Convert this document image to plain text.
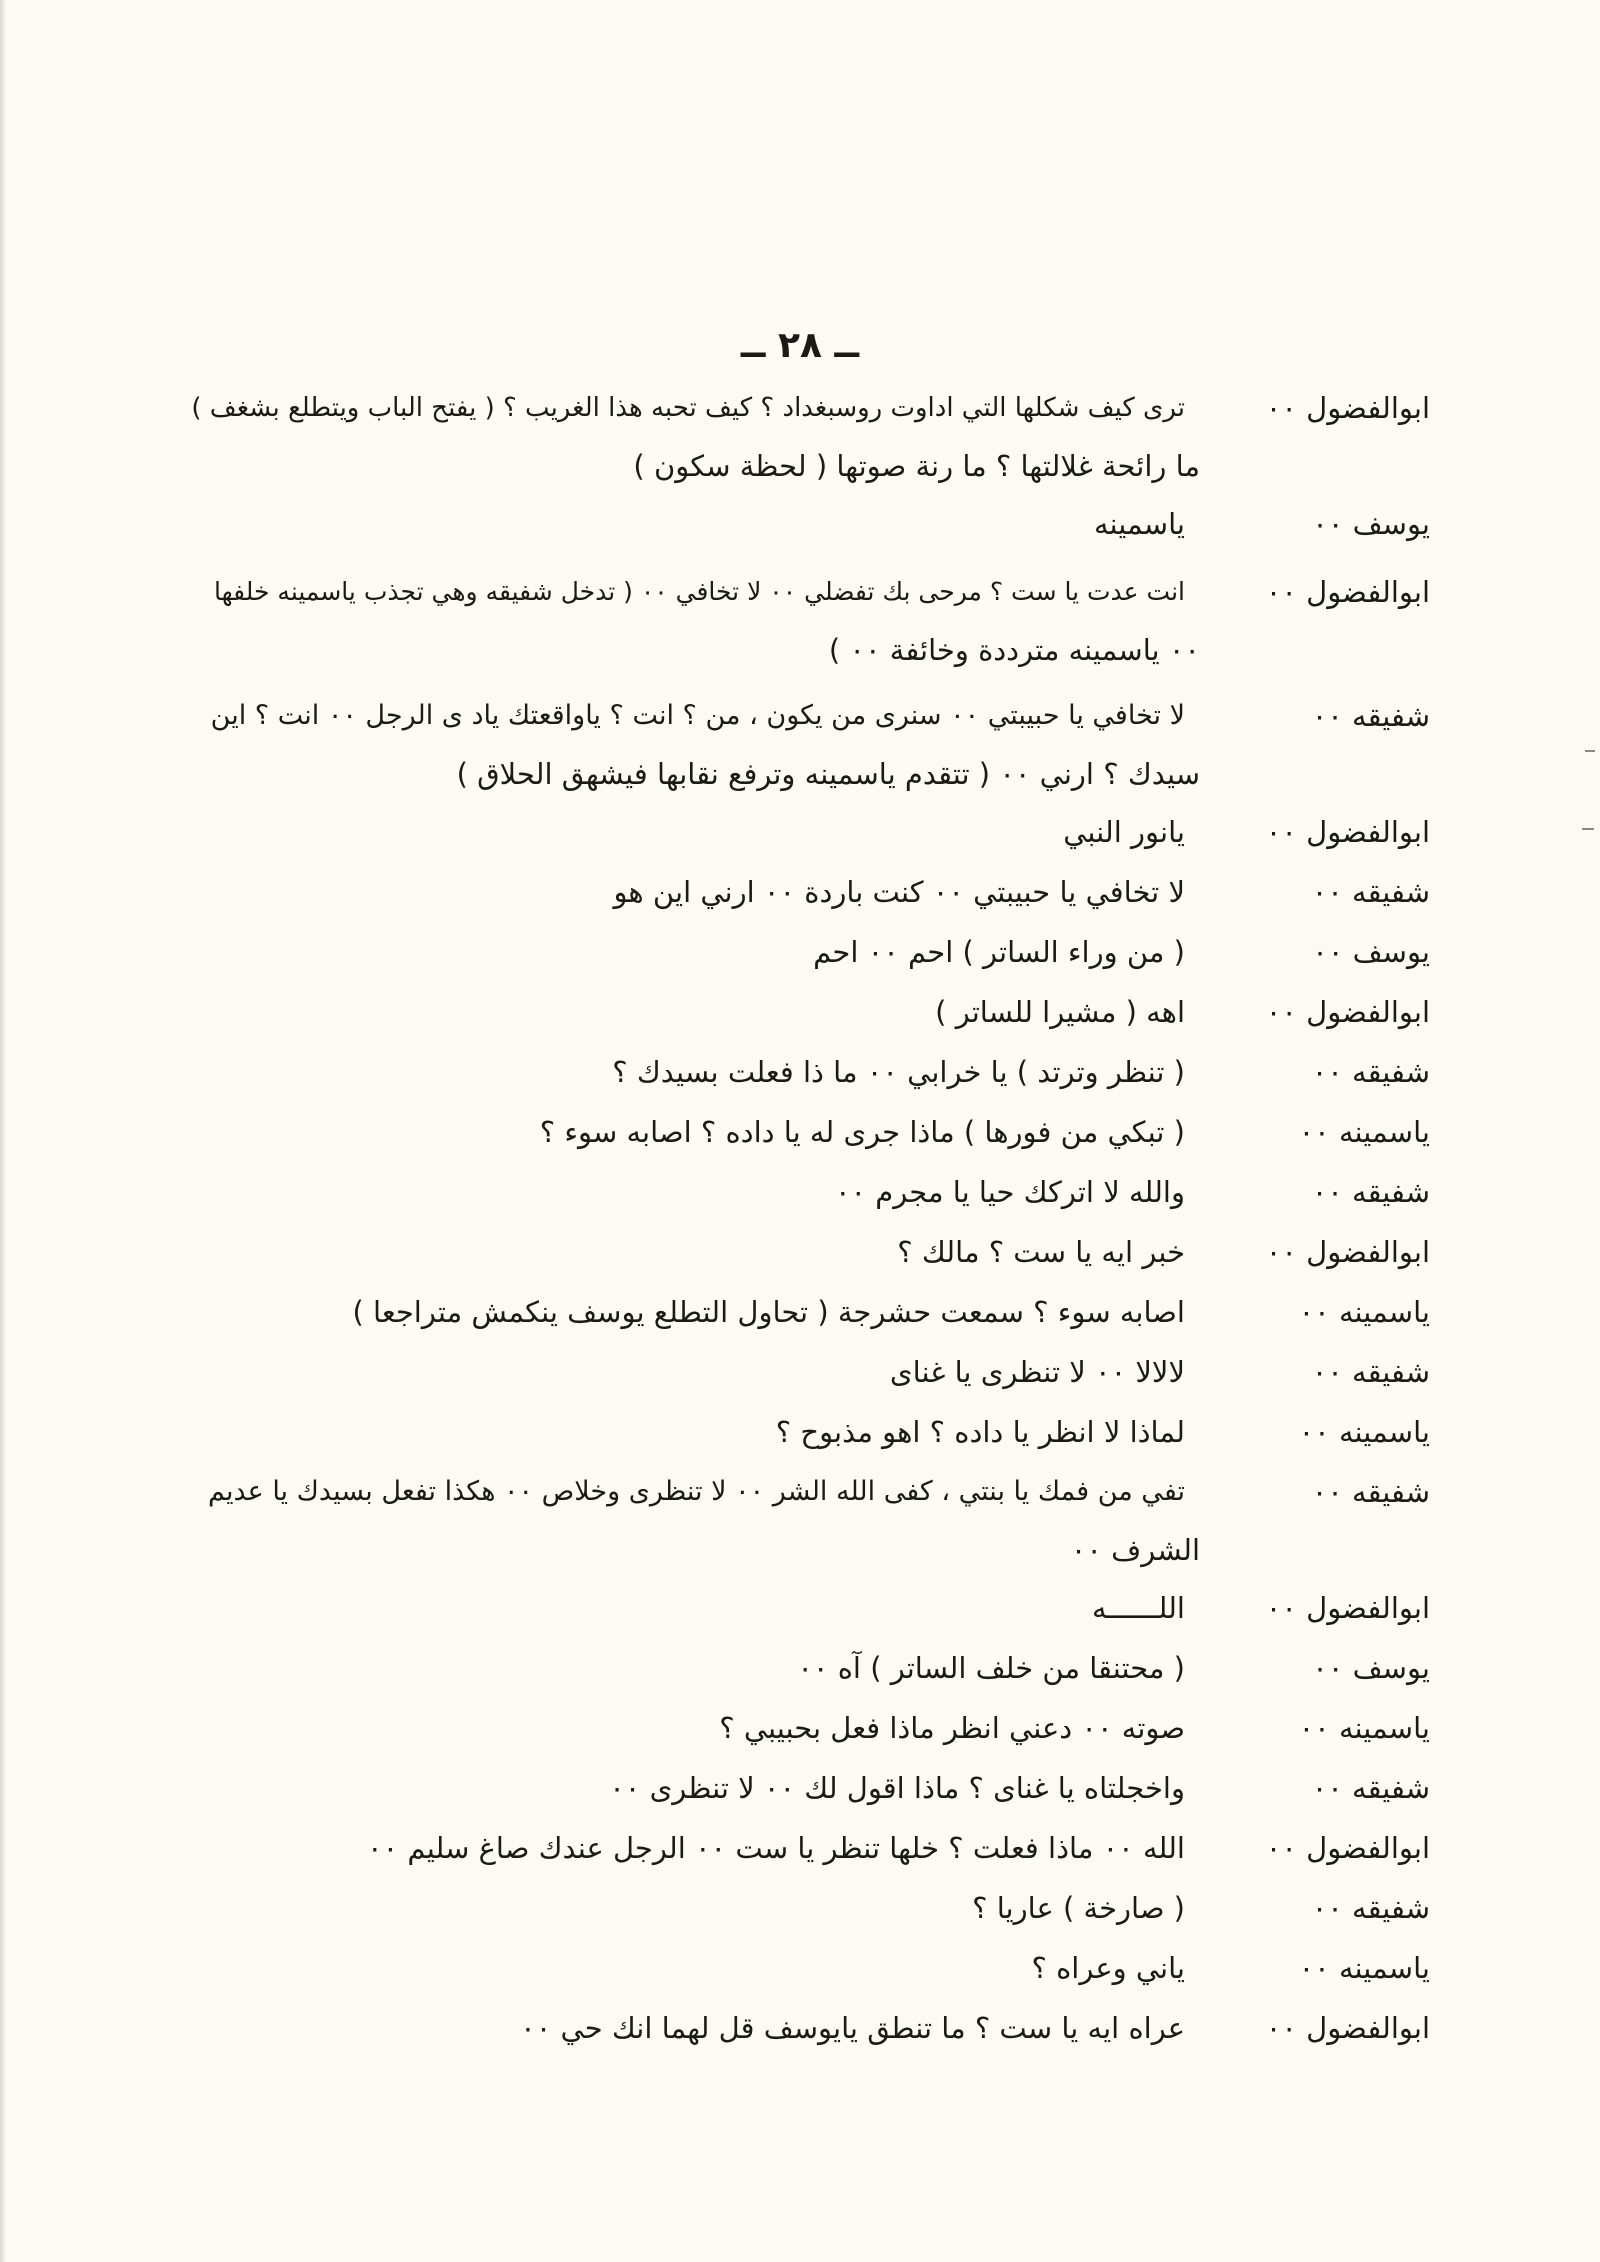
ــ ٢٨ ــ
ابوالفضول ٠٠
ترى كيف شكلها التي اداوت روسبغداد ؟ كيف تحبه هذا الغريب ؟ ( يفتح الباب ويتطلع بشغف )
ما رائحة غلالتها ؟ ما رنة صوتها ( لحظة سكون )
يوسف ٠٠
ياسمينه
ابوالفضول ٠٠
انت عدت يا ست ؟ مرحى بك تفضلي ٠٠ لا تخافي ٠٠ ( تدخل شفيقه وهي تجذب ياسمينه خلفها
٠٠ ياسمينه مترددة وخائفة ٠٠ )
شفيقه ٠٠
لا تخافي يا حبيبتي ٠٠ سنرى من يكون ، من ؟ انت ؟ ياواقعتك ياد ى الرجل ٠٠ انت ؟ اين
سيدك ؟ ارني ٠٠ ( تتقدم ياسمينه وترفع نقابها فيشهق الحلاق )
ابوالفضول ٠٠
يانور النبي
شفيقه ٠٠
لا تخافي يا حبيبتي ٠٠ كنت باردة ٠٠ ارني اين هو
يوسف ٠٠
( من وراء الساتر ) احم ٠٠ احم
ابوالفضول ٠٠
اهه ( مشيرا للساتر )
شفيقه ٠٠
( تنظر وترتد ) يا خرابي ٠٠ ما ذا فعلت بسيدك ؟
ياسمينه ٠٠
( تبكي من فورها ) ماذا جرى له يا داده ؟ اصابه سوء ؟
شفيقه ٠٠
والله لا اتركك حيا يا مجرم ٠٠
ابوالفضول ٠٠
خبر ايه يا ست ؟ مالك ؟
ياسمينه ٠٠
اصابه سوء ؟ سمعت حشرجة ( تحاول التطلع يوسف ينكمش متراجعا )
شفيقه ٠٠
لالالا ٠٠ لا تنظرى يا غناى
ياسمينه ٠٠
لماذا لا انظر يا داده ؟ اهو مذبوح ؟
شفيقه ٠٠
تفي من فمك يا بنتي ، كفى الله الشر ٠٠ لا تنظرى وخلاص ٠٠ هكذا تفعل بسيدك يا عديم
الشرف ٠٠
ابوالفضول ٠٠
اللــــــه
يوسف ٠٠
( محتنقا من خلف الساتر ) آه ٠٠
ياسمينه ٠٠
صوته ٠٠ دعني انظر ماذا فعل بحبيبي ؟
شفيقه ٠٠
واخجلتاه يا غناى ؟ ماذا اقول لك ٠٠ لا تنظرى ٠٠
ابوالفضول ٠٠
الله ٠٠ ماذا فعلت ؟ خلها تنظر يا ست ٠٠ الرجل عندك صاغ سليم ٠٠
شفيقه ٠٠
( صارخة ) عاريا ؟
ياسمينه ٠٠
ياني وعراه ؟
ابوالفضول ٠٠
عراه ايه يا ست ؟ ما تنطق يايوسف قل لهما انك حي ٠٠
